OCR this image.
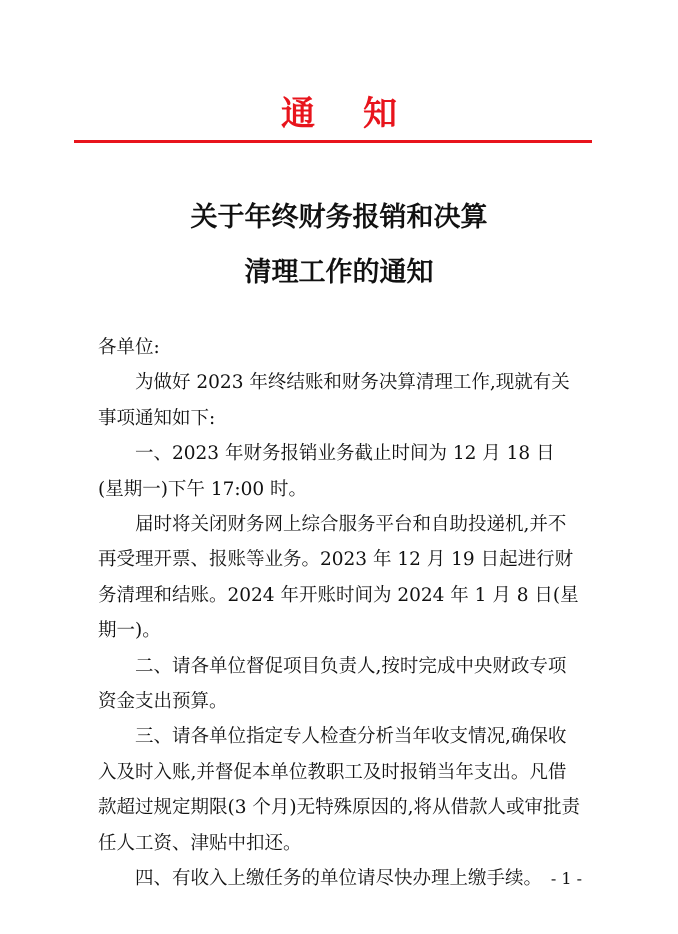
通知
关于年终财务报销和决算
清理工作的通知

各单位:

为做好 2023 年终结账和财务决算清理工作,现就有关事项通知如下:

一、2023 年财务报销业务截止时间为 12 月 18 日(星期一)下午 17:00 时。

届时将关闭财务网上综合服务平台和自助投递机,并不再受理开票、报账等业务。2023 年 12 月 19 日起进行财务清理和结账。2024 年开账时间为 2024 年 1 月 8 日(星期一)。

二、请各单位督促项目负责人,按时完成中央财政专项资金支出预算。

三、请各单位指定专人检查分析当年收支情况,确保收入及时入账,并督促本单位教职工及时报销当年支出。凡借款超过规定期限(3 个月)无特殊原因的,将从借款人或审批责任人工资、津贴中扣还。

四、有收入上缴任务的单位请尽快办理上缴手续。 - 1 -
